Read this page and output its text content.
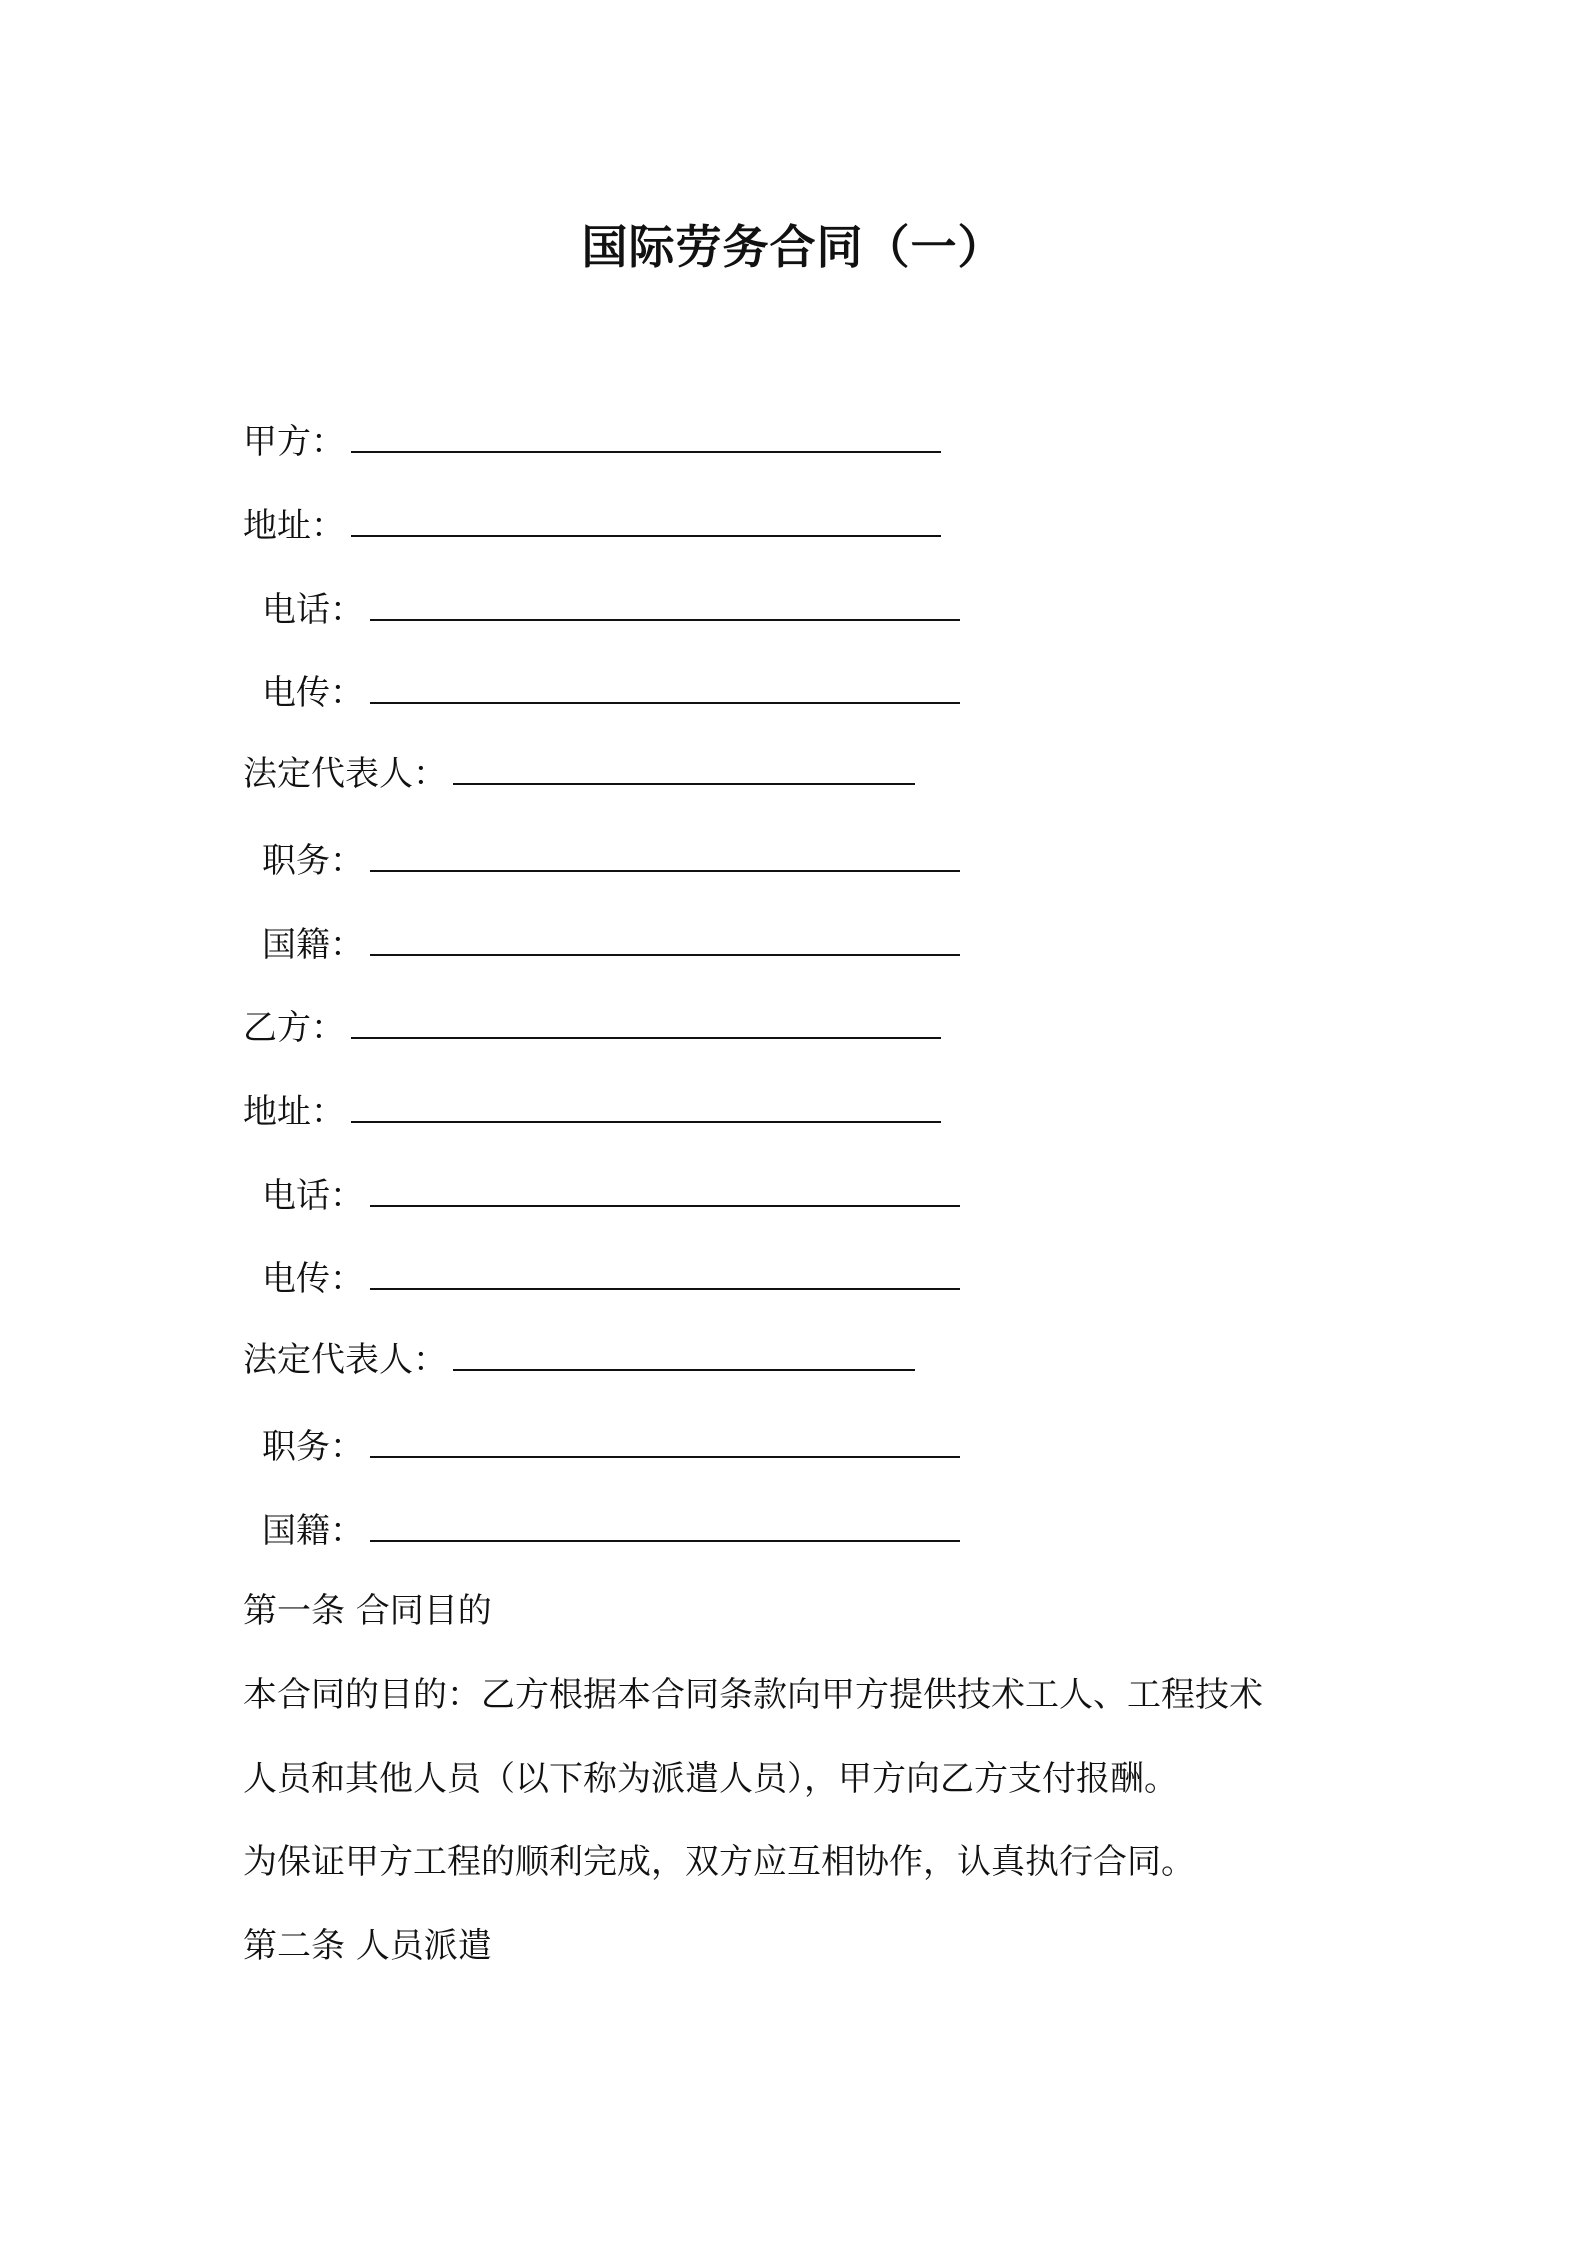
国际劳务合同（一）
甲方：
地址：
电话：
电传：
法定代表人：
职务：
国籍：
乙方：
地址：
电话：
电传：
法定代表人：
职务：
国籍：
第一条 合同目的
本合同的目的：乙方根据本合同条款向甲方提供技术工人、工程技术
人员和其他人员（以下称为派遣人员），甲方向乙方支付报酬。
为保证甲方工程的顺利完成，双方应互相协作，认真执行合同。
第二条 人员派遣
